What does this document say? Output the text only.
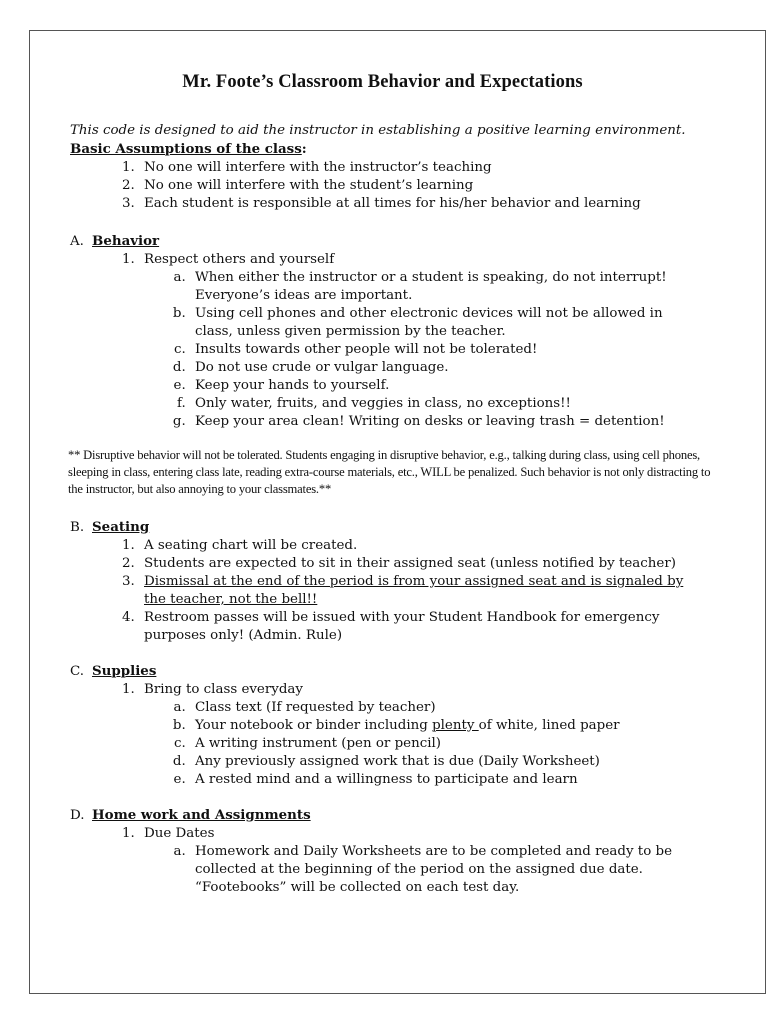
Mr. Foote’s Classroom Behavior and Expectations

This code is designed to aid the instructor in establishing a positive learning environment.

Basic Assumptions of the class:

1. No one will interfere with the instructor’s teaching
2. No one will interfere with the student’s learning
3. Each student is responsible at all times for his/her behavior and learning
A. Behavior
1. Respect others and yourself
a. When either the instructor or a student is speaking, do not interrupt! Everyone’s ideas are important.
b. Using cell phones and other electronic devices will not be allowed in class, unless given permission by the teacher.
c. Insults towards other people will not be tolerated!
d. Do not use crude or vulgar language.
e. Keep your hands to yourself.
f. Only water, fruits, and veggies in class, no exceptions!!
g. Keep your area clean! Writing on desks or leaving trash = detention!

** Disruptive behavior will not be tolerated. Students engaging in disruptive behavior, e.g., talking during class, using cell phones, sleeping in class, entering class late, reading extra-course materials, etc., WILL be penalized. Such behavior is not only distracting to the instructor, but also annoying to your classmates.**

B. Seating
1. A seating chart will be created.
2. Students are expected to sit in their assigned seat (unless notified by teacher)
3. Dismissal at the end of the period is from your assigned seat and is signaled by the teacher, not the bell!!
4. Restroom passes will be issued with your Student Handbook for emergency purposes only! (Admin. Rule)
C. Supplies
1. Bring to class everyday
a. Class text (If requested by teacher)
b. Your notebook or binder including plenty of white, lined paper
c. A writing instrument (pen or pencil)
d. Any previously assigned work that is due (Daily Worksheet)
e. A rested mind and a willingness to participate and learn
D. Home work and Assignments
1. Due Dates
a. Homework and Daily Worksheets are to be completed and ready to be collected at the beginning of the period on the assigned due date. “Footebooks” will be collected on each test day.
